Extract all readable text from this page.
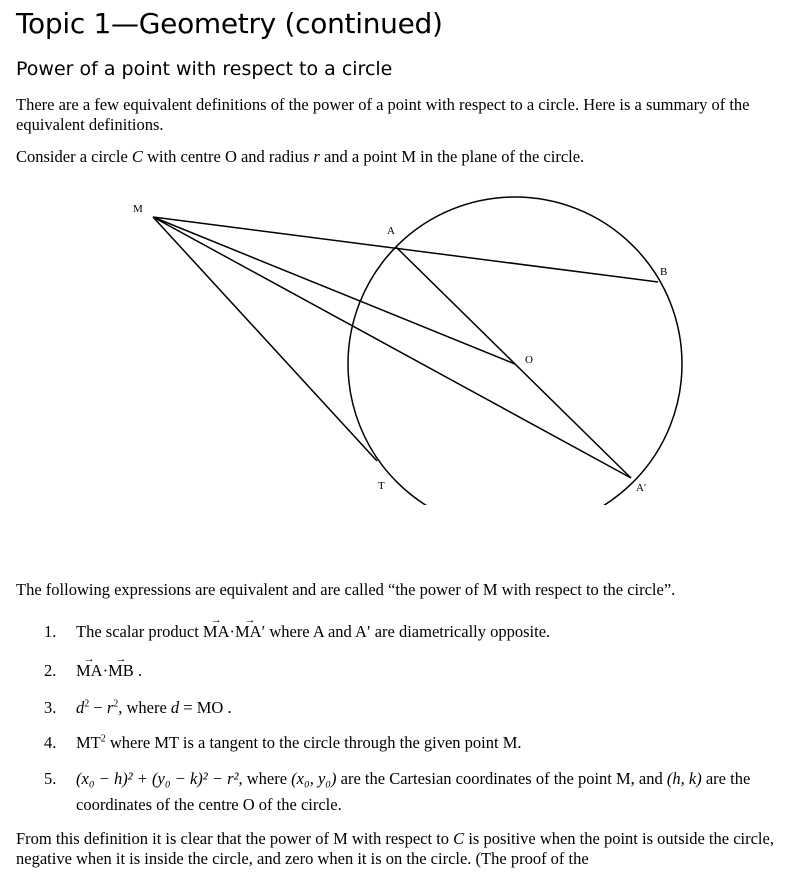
Topic 1—Geometry (continued)
Power of a point with respect to a circle

There are a few equivalent definitions of the power of a point with respect to a circle. Here is a summary of the equivalent definitions.

Consider a circle C with centre O and radius r and a point M in the plane of the circle.

M
A
B
O
T	A'

The following expressions are equivalent and are called “the power of M with respect to the circle”.

1. The scalar product → MA·→ MA′ where A and A′ are diametrically opposite.
2.→ MA·→ MB .
3. $d^2 - r^2$, where d = MO .
4. $MT^2$ where MT is a tangent to the circle through the given point M.
5. (x₀ − h)² + (y₀ − k)² − r², where (x₀, y₀) are the Cartesian coordinates of the point M, and (h, k) are the coordinates of the centre O of the circle.

From this definition it is clear that the power of M with respect to C is positive when the point is outside the circle, negative when it is inside the circle, and zero when it is on the circle. (The proof of the
